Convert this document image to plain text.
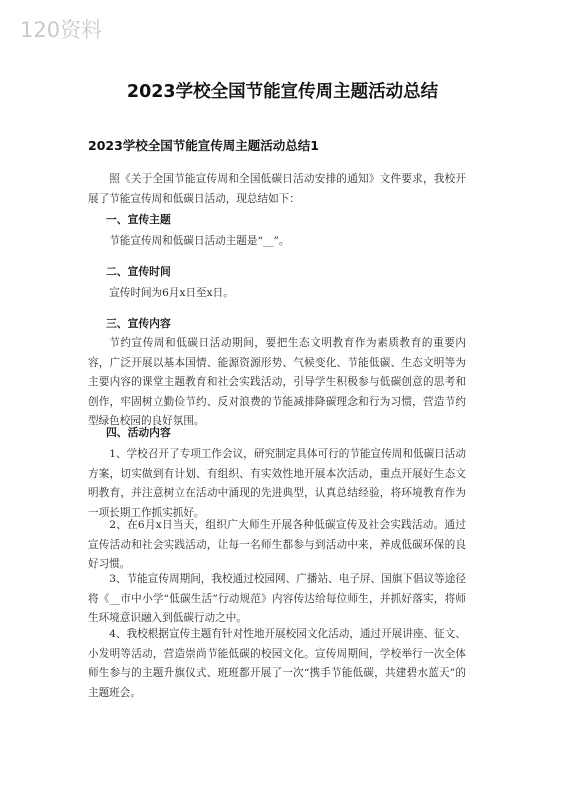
120资料
2023学校全国节能宣传周主题活动总结
2023学校全国节能宣传周主题活动总结1
照《关于全国节能宣传周和全国低碳日活动安排的通知》文件要求，我校开展了节能宣传周和低碳日活动，现总结如下：
一、宣传主题
节能宣传周和低碳日活动主题是“__”。
二、宣传时间
宣传时间为6月x日至x日。
三、宣传内容
节约宣传周和低碳日活动期间，要把生态文明教育作为素质教育的重要内容，广泛开展以基本国情、能源资源形势、气候变化、节能低碳、生态文明等为主要内容的课堂主题教育和社会实践活动，引导学生积极参与低碳创意的思考和创作，牢固树立勤俭节约、反对浪费的节能减排降碳理念和行为习惯，营造节约型绿色校园的良好氛围。
四、活动内容
1、学校召开了专项工作会议，研究制定具体可行的节能宣传周和低碳日活动方案，切实做到有计划、有组织、有实效性地开展本次活动，重点开展好生态文明教育，并注意树立在活动中涌现的先进典型，认真总结经验，将环境教育作为一项长期工作抓实抓好。
2、在6月x日当天，组织广大师生开展各种低碳宣传及社会实践活动。通过宣传活动和社会实践活动，让每一名师生都参与到活动中来，养成低碳环保的良好习惯。
3、节能宣传周期间，我校通过校园网、广播站、电子屏、国旗下倡议等途径将《__市中小学“低碳生活”行动规范》内容传达给每位师生，并抓好落实，将师生环境意识融入到低碳行动之中。
4、我校根据宣传主题有针对性地开展校园文化活动，通过开展讲座、征文、小发明等活动，营造崇尚节能低碳的校园文化。宣传周期间，学校举行一次全体师生参与的主题升旗仪式、班班都开展了一次“携手节能低碳，共建碧水蓝天”的主题班会。
